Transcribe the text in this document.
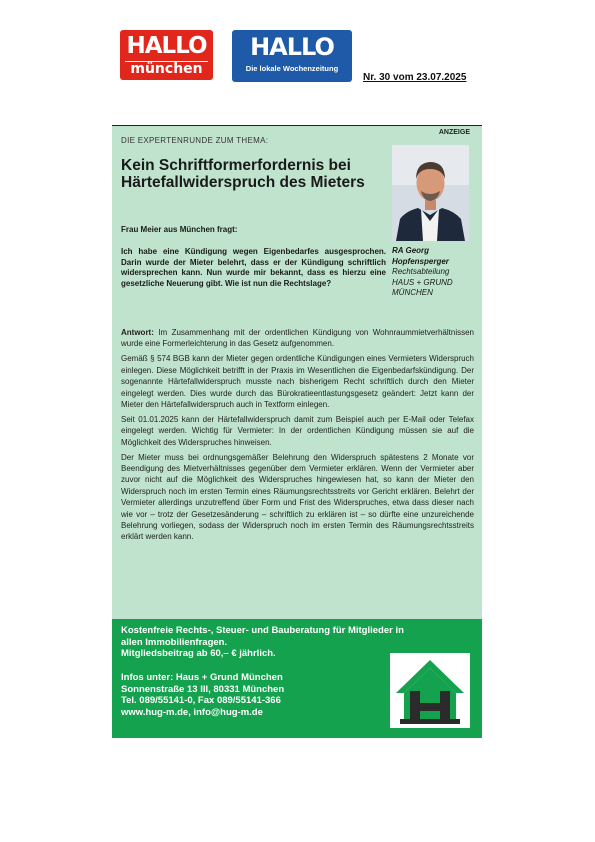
HALLO
münchen
HALLO
Die lokale Wochenzeitung
Nr. 30 vom 23.07.2025
ANZEIGE
DIE EXPERTENRUNDE ZUM THEMA:
Kein Schriftformerfordernis bei Härtefallwiderspruch des Mieters
Frau Meier aus München fragt:
Ich habe eine Kündigung wegen Eigenbedarfes ausgesprochen. Darin wurde der Mieter belehrt, dass er der Kündigung schriftlich widersprechen kann. Nun wurde mir bekannt, dass es hierzu eine gesetzliche Neuerung gibt. Wie ist nun die Rechtslage?
RA Georg
Hopfensperger
Rechtsabteilung
HAUS + GRUND
MÜNCHEN

Antwort: Im Zusammenhang mit der ordentlichen Kündigung von Wohnraummietverhältnissen wurde eine Formerleichterung in das Gesetz aufgenommen.

Gemäß § 574 BGB kann der Mieter gegen ordentliche Kündigungen eines Vermieters Widerspruch einlegen. Diese Möglichkeit betrifft in der Praxis im Wesentlichen die Eigenbedarfskündigung. Der sogenannte Härtefallwiderspruch musste nach bisherigem Recht schriftlich durch den Mieter eingelegt werden. Dies wurde durch das Bürokratieentlastungsgesetz geändert: Jetzt kann der Mieter den Härtefallwiderspruch auch in Textform einlegen.

Seit 01.01.2025 kann der Härtefallwiderspruch damit zum Beispiel auch per E-Mail oder Telefax eingelegt werden. Wichtig für Vermieter: In der ordentlichen Kündigung müssen sie auf die Möglichkeit des Widerspruches hinweisen.

Der Mieter muss bei ordnungsgemäßer Belehrung den Widerspruch spätestens 2 Monate vor Beendigung des Mietverhältnisses gegenüber dem Vermieter erklären. Wenn der Vermieter aber zuvor nicht auf die Möglichkeit des Widerspruches hingewiesen hat, so kann der Mieter den Widerspruch noch im ersten Termin eines Räumungsrechtsstreits vor Gericht erklären. Belehrt der Vermieter allerdings unzutreffend über Form und Frist des Widerspruches, etwa dass dieser nach wie vor – trotz der Gesetzesänderung – schriftlich zu erklären ist – so dürfte eine unzureichende Belehrung vorliegen, sodass der Widerspruch noch im ersten Termin des Räumungsrechtsstreits erklärt werden kann.

Kostenfreie Rechts-, Steuer- und Bauberatung für Mitglieder in
allen Immobilienfragen.
Mitgliedsbeitrag ab 60,– € jährlich.
Infos unter: Haus + Grund München
Sonnenstraße 13 III, 80331 München
Tel. 089/55141-0, Fax 089/55141-366
www.hug-m.de, info@hug-m.de
